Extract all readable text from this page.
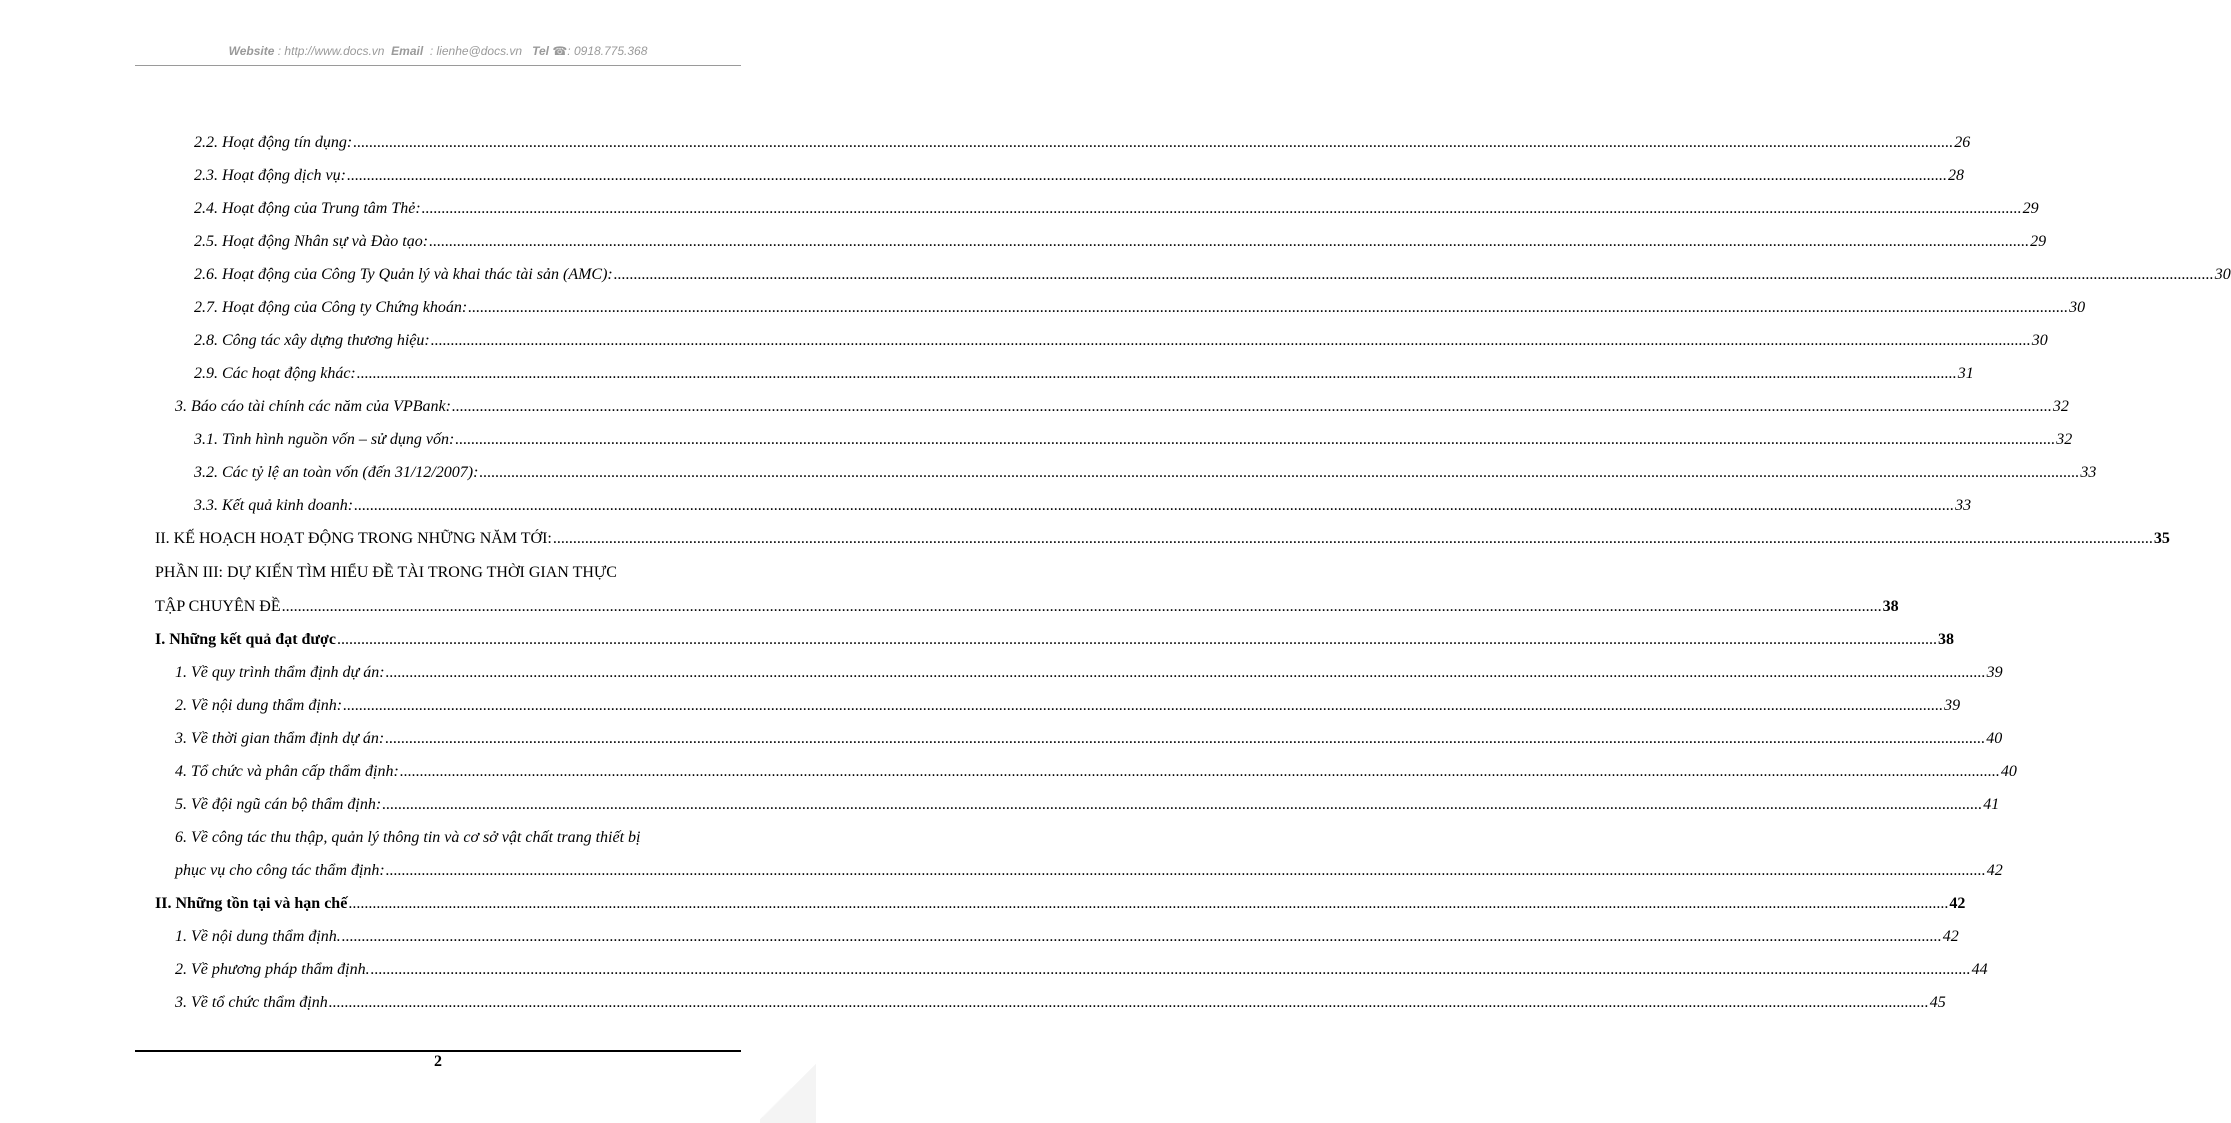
Website : http://www.docs.vn Email : lienhe@docs.vn Tel ☎: 0918.775.368
2.2. Hoạt động tín dụng: ................................................................................................................................................................................................................................................................................................................................................................................................................ 26
2.3. Hoạt động dịch vụ: ................................................................................................................................................................................................................................................................................................................................................................................................................ 28
2.4. Hoạt động của Trung tâm Thẻ: ................................................................................................................................................................................................................................................................................................................................................................................................................ 29
2.5. Hoạt động Nhân sự và Đào tạo: ................................................................................................................................................................................................................................................................................................................................................................................................................ 29
2.6. Hoạt động của Công Ty Quản lý và khai thác tài sản (AMC): ................................................................................................................................................................................................................................................................................................................................................................................................................ 30
2.7. Hoạt động của Công ty Chứng khoán: ................................................................................................................................................................................................................................................................................................................................................................................................................ 30
2.8. Công tác xây dựng thương hiệu: ................................................................................................................................................................................................................................................................................................................................................................................................................ 30
2.9. Các hoạt động khác: ................................................................................................................................................................................................................................................................................................................................................................................................................ 31
3. Báo cáo tài chính các năm của VPBank: ................................................................................................................................................................................................................................................................................................................................................................................................................ 32
3.1. Tình hình nguồn vốn – sử dụng vốn: ................................................................................................................................................................................................................................................................................................................................................................................................................ 32
3.2. Các tỷ lệ an toàn vốn (đến 31/12/2007): ................................................................................................................................................................................................................................................................................................................................................................................................................ 33
3.3. Kết quả kinh doanh: ................................................................................................................................................................................................................................................................................................................................................................................................................ 33
II. KẾ HOẠCH HOẠT ĐỘNG TRONG NHỮNG NĂM TỚI: ................................................................................................................................................................................................................................................................................................................................................................................................................ 35
PHẦN III: DỰ KIẾN TÌM HIỂU ĐỀ TÀI TRONG THỜI GIAN THỰC
TẬP CHUYÊN ĐỀ ................................................................................................................................................................................................................................................................................................................................................................................................................ 38
I. Những kết quả đạt được ................................................................................................................................................................................................................................................................................................................................................................................................................ 38
1. Về quy trình thẩm định dự án: ................................................................................................................................................................................................................................................................................................................................................................................................................ 39
2. Về nội dung thẩm định: ................................................................................................................................................................................................................................................................................................................................................................................................................ 39
3. Về thời gian thẩm định dự án: ................................................................................................................................................................................................................................................................................................................................................................................................................ 40
4. Tổ chức và phân cấp thẩm định: ................................................................................................................................................................................................................................................................................................................................................................................................................ 40
5. Về đội ngũ cán bộ thẩm định: ................................................................................................................................................................................................................................................................................................................................................................................................................ 41
6. Về công tác thu thập, quản lý thông tin và cơ sở vật chất trang thiết bị
phục vụ cho công tác thẩm định: ................................................................................................................................................................................................................................................................................................................................................................................................................ 42
II. Những tồn tại và hạn chế ................................................................................................................................................................................................................................................................................................................................................................................................................ 42
1. Về nội dung thẩm định. ................................................................................................................................................................................................................................................................................................................................................................................................................ 42
2. Về phương pháp thẩm định. ................................................................................................................................................................................................................................................................................................................................................................................................................ 44
3. Về tổ chức thẩm định ................................................................................................................................................................................................................................................................................................................................................................................................................ 45
2
